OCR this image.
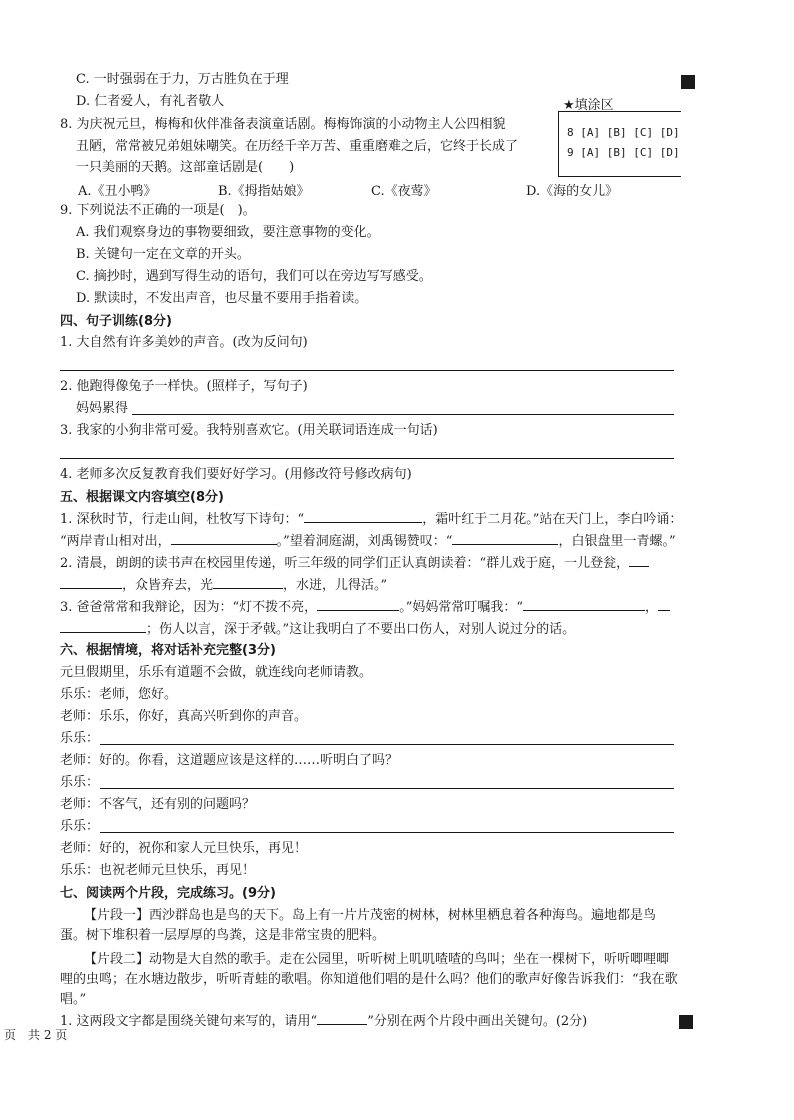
C. 一时强弱在于力，万古胜负在于理
D. 仁者爱人，有礼者敬人	★填涂区
8 [A] [B] [C] [D]
9 [A] [B] [C] [D]
8. 为庆祝元旦，梅梅和伙伴准备表演童话剧。梅梅饰演的小动物主人公四相貌
丑陋，常常被兄弟姐妹嘲笑。在历经千辛万苦、重重磨难之后，它终于长成了
一只美丽的天鹅。这部童话剧是(　　)
A.《丑小鸭》	B.《拇指姑娘》	C.《夜莺》	D.《海的女儿》
9. 下列说法不正确的一项是(　)。
A. 我们观察身边的事物要细致，要注意事物的变化。
B. 关键句一定在文章的开头。
C. 摘抄时，遇到写得生动的语句，我们可以在旁边写写感受。
D. 默读时，不发出声音，也尽量不要用手指着读。
四、句子训练(8分)
1. 大自然有许多美妙的声音。(改为反问句)
2. 他跑得像兔子一样快。(照样子，写句子)
妈妈累得
3. 我家的小狗非常可爱。我特别喜欢它。(用关联词语连成一句话)
4. 老师多次反复教育我们要好好学习。(用修改符号修改病句)
五、根据课文内容填空(8分)
1. 深秋时节，行走山间，杜牧写下诗句：“	，霜叶红于二月花。”站在天门上，李白吟诵：
“两岸青山相对出，	。”望着洞庭湖，刘禹锡赞叹：“	，白银盘里一青螺。”
2. 清晨，朗朗的读书声在校园里传递，听三年级的同学们正认真朗读着：“群儿戏于庭，一儿登瓮，
，众皆弃去，光	，水迸，儿得活。”
3. 爸爸常常和我辩论，因为：“灯不拨不亮，	。”妈妈常常叮嘱我：“	，
；伤人以言，深于矛戟。”这让我明白了不要出口伤人，对别人说过分的话。
六、根据情境，将对话补充完整(3分)
元旦假期里，乐乐有道题不会做，就连线向老师请教。
乐乐：老师，您好。
老师：乐乐，你好，真高兴听到你的声音。
乐乐：
老师：好的。你看，这道题应该是这样的……听明白了吗？
乐乐：
老师：不客气，还有别的问题吗？
乐乐：
老师：好的，祝你和家人元旦快乐，再见！
乐乐：也祝老师元旦快乐，再见！
七、阅读两个片段，完成练习。(9分)
【片段一】西沙群岛也是鸟的天下。岛上有一片片茂密的树林，树林里栖息着各种海鸟。遍地都是鸟蛋。树下堆积着一层厚厚的鸟粪，这是非常宝贵的肥料。
【片段二】动物是大自然的歌手。走在公园里，听听树上叽叽喳喳的鸟叫；坐在一棵树下，听听唧哩唧哩的虫鸣；在水塘边散步，听听青蛙的歌唱。你知道他们唱的是什么吗？他们的歌声好像告诉我们：“我在歌唱。”
1. 这两段文字都是围绕关键句来写的，请用“	”分别在两个片段中画出关键句。(2分)
页　共 2 页
